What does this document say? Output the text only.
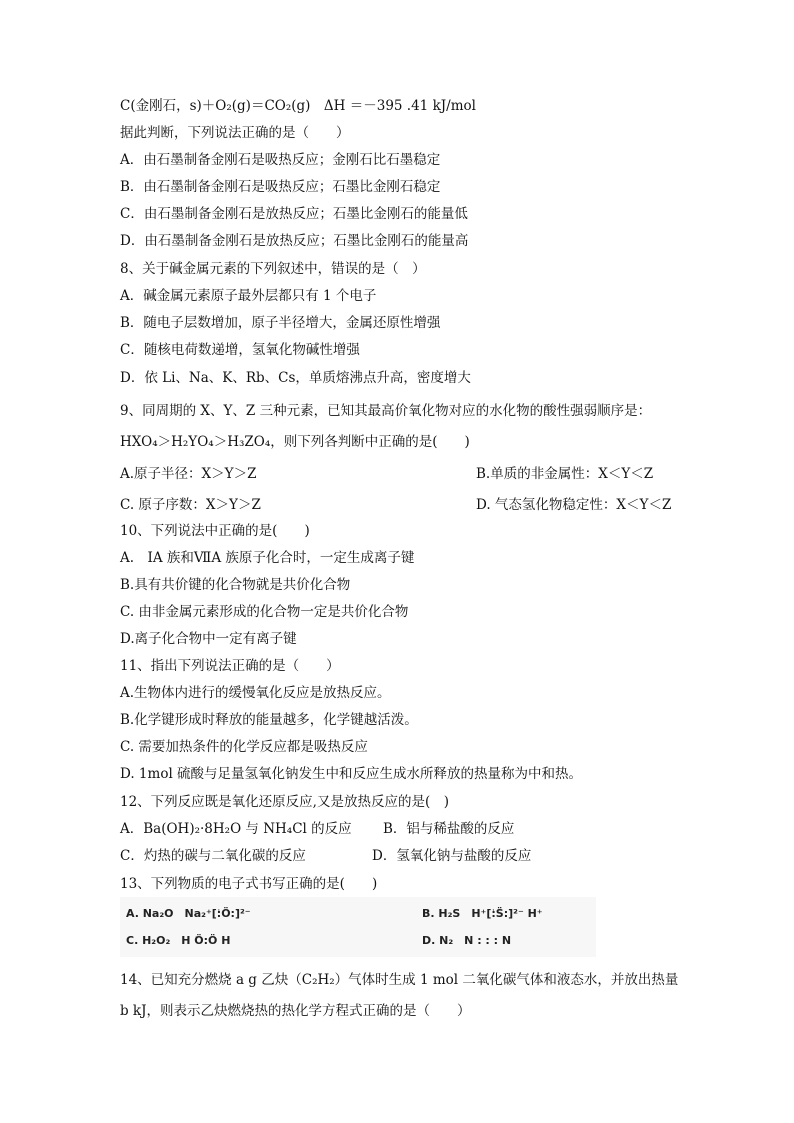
C(金刚石，s)＋O₂(g)＝CO₂(g)　ΔH ＝－395 .41 kJ/mol
据此判断，下列说法正确的是（　　）
A．由石墨制备金刚石是吸热反应；金刚石比石墨稳定
B．由石墨制备金刚石是吸热反应；石墨比金刚石稳定
C．由石墨制备金刚石是放热反应；石墨比金刚石的能量低
D．由石墨制备金刚石是放热反应；石墨比金刚石的能量高
8、关于碱金属元素的下列叙述中，错误的是（　）
A．碱金属元素原子最外层都只有 1 个电子
B．随电子层数增加，原子半径增大，金属还原性增强
C．随核电荷数递增，氢氧化物碱性增强
D．依 Li、Na、K、Rb、Cs，单质熔沸点升高，密度增大
9、同周期的 X、Y、Z 三种元素，已知其最高价氧化物对应的水化物的酸性强弱顺序是：
HXO₄＞H₂YO₄＞H₃ZO₄，则下列各判断中正确的是(　　)
A.原子半径：X＞Y＞Z	B.单质的非金属性：X＜Y＜Z
C. 原子序数：X＞Y＞Z	D. 气态氢化物稳定性：X＜Y＜Z
10、下列说法中正确的是(　　)
A.　ⅠA 族和ⅦA 族原子化合时，一定生成离子键
B.具有共价键的化合物就是共价化合物
C. 由非金属元素形成的化合物一定是共价化合物
D.离子化合物中一定有离子键
11、指出下列说法正确的是（　　）
A.生物体内进行的缓慢氧化反应是放热反应。
B.化学键形成时释放的能量越多，化学键越活泼。
C. 需要加热条件的化学反应都是吸热反应
D. 1mol 硫酸与足量氢氧化钠发生中和反应生成水所释放的热量称为中和热。
12、下列反应既是氧化还原反应,又是放热反应的是(　)
A．Ba(OH)₂·8H₂O 与 NH₄Cl 的反应 B．铝与稀盐酸的反应
C．灼热的碳与二氧化碳的反应	D．氢氧化钠与盐酸的反应
13、下列物质的电子式书写正确的是(　　)
A. Na₂O　Na₂⁺[ׂ:Ö:ׂ]²⁻	B. H₂S　H⁺[ׂ:S̈:ׂ]²⁻ H⁺
C. H₂O₂　H ׂÖ:Ö ׂH	D. N₂　N : : : N
14、已知充分燃烧 a g 乙炔（C₂H₂）气体时生成 1 mol 二氧化碳气体和液态水，并放出热量
b kJ，则表示乙炔燃烧热的热化学方程式正确的是（　　）
